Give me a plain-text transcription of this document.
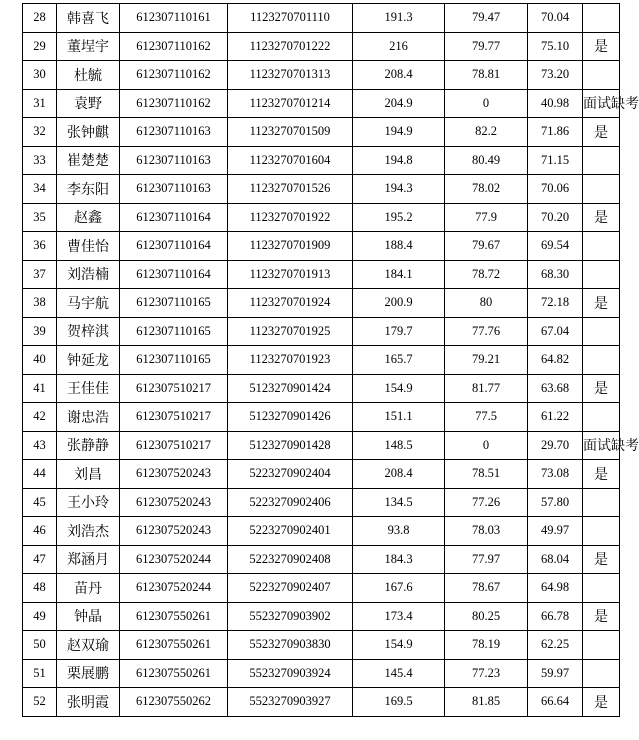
28	韩喜飞	612307110161	1123270701110	191.3	79.47	70.04	
29	董埕宇	612307110162	1123270701222	216	79.77	75.10	是
30	杜毓	612307110162	1123270701313	208.4	78.81	73.20	
31	袁野	612307110162	1123270701214	204.9	0	40.98	面试缺考
32	张钟麒	612307110163	1123270701509	194.9	82.2	71.86	是
33	崔楚楚	612307110163	1123270701604	194.8	80.49	71.15	
34	李东阳	612307110163	1123270701526	194.3	78.02	70.06	
35	赵鑫	612307110164	1123270701922	195.2	77.9	70.20	是
36	曹佳怡	612307110164	1123270701909	188.4	79.67	69.54	
37	刘浩楠	612307110164	1123270701913	184.1	78.72	68.30	
38	马宇航	612307110165	1123270701924	200.9	80	72.18	是
39	贺梓淇	612307110165	1123270701925	179.7	77.76	67.04	
40	钟延龙	612307110165	1123270701923	165.7	79.21	64.82	
41	王佳佳	612307510217	5123270901424	154.9	81.77	63.68	是
42	谢忠浩	612307510217	5123270901426	151.1	77.5	61.22	
43	张静静	612307510217	5123270901428	148.5	0	29.70	面试缺考
44	刘昌	612307520243	5223270902404	208.4	78.51	73.08	是
45	王小玲	612307520243	5223270902406	134.5	77.26	57.80	
46	刘浩杰	612307520243	5223270902401	93.8	78.03	49.97	
47	郑涵月	612307520244	5223270902408	184.3	77.97	68.04	是
48	苗丹	612307520244	5223270902407	167.6	78.67	64.98	
49	钟晶	612307550261	5523270903902	173.4	80.25	66.78	是
50	赵双瑜	612307550261	5523270903830	154.9	78.19	62.25	
51	栗展鹏	612307550261	5523270903924	145.4	77.23	59.97	
52	张明霞	612307550262	5523270903927	169.5	81.85	66.64	是
